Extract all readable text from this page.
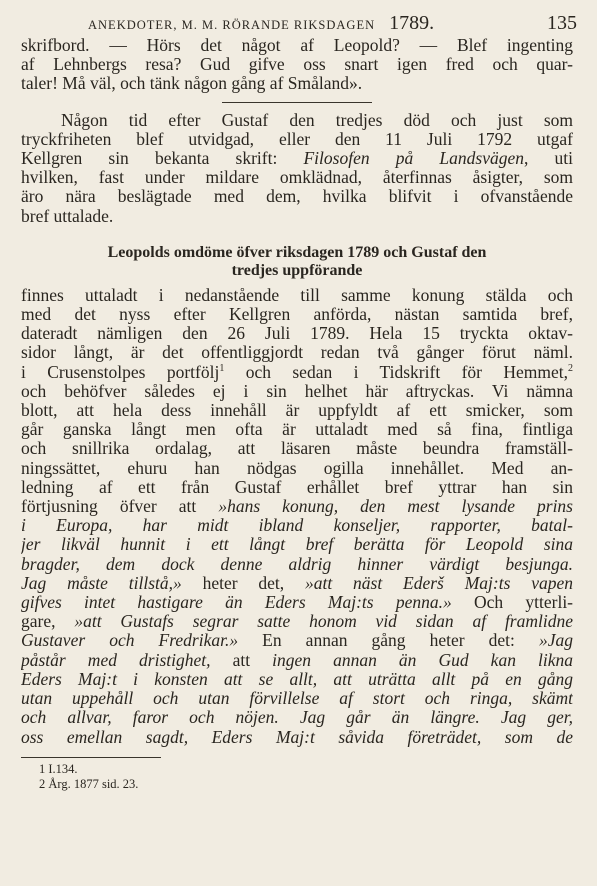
ANEKDOTER, M. M. RÖRANDE RIKSDAGEN 1789.	135
skrifbord. — Hörs det något af Leopold? — Blef ingenting
af Lehnbergs resa? Gud gifve oss snart igen fred och quar-
taler! Må väl, och tänk någon gång af Småland».
Någon tid efter Gustaf den tredjes död och just som
tryckfriheten blef utvidgad, eller den 11 Juli 1792 utgaf
Kellgren sin bekanta skrift: Filosofen på Landsvägen, uti
hvilken, fast under mildare omklädnad, återfinnas åsigter, som
äro nära beslägtade med dem, hvilka blifvit i ofvanstående
bref uttalade.
Leopolds omdöme öfver riksdagen 1789 och Gustaf den
tredjes uppförande
finnes uttaladt i nedanstående till samme konung stälda och
med det nyss efter Kellgren anförda, nästan samtida bref,
dateradt nämligen den 26 Juli 1789. Hela 15 tryckta oktav-
sidor långt, är det offentliggjordt redan två gånger förut näml.
i Crusenstolpes portfölj$^1$ och sedan i Tidskrift för Hemmet,$^2$
och behöfver således ej i sin helhet här aftryckas. Vi nämna
blott, att hela dess innehåll är uppfyldt af ett smicker, som
går ganska långt men ofta är uttaladt med så fina, fintliga
och snillrika ordalag, att läsaren måste beundra framställ-
ningssättet, ehuru han nödgas ogilla innehållet. Med an-
ledning af ett från Gustaf erhållet bref yttrar han sin
förtjusning öfver att »hans konung, den mest lysande prins
i Europa, har midt ibland konseljer, rapporter, batal-
jer likväl hunnit i ett långt bref berätta för Leopold sina
bragder, dem dock denne aldrig hinner värdigt besjunga.
Jag måste tillstå,» heter det, »att näst Ederš Maj:ts vapen
gifves intet hastigare än Eders Maj:ts penna.» Och ytterli-
gare, »att Gustafs segrar satte honom vid sidan af framlidne
Gustaver och Fredrikar.» En annan gång heter det: »Jag
påstår med dristighet, att ingen annan än Gud kan likna
Eders Maj:t i konsten att se allt, att uträtta allt på en gång
utan uppehåll och utan förvillelse af stort och ringa, skämt
och allvar, faror och nöjen. Jag går än längre. Jag ger,
oss emellan sagdt, Eders Maj:t såvida företrädet, som de
1 I.134.
2 Årg. 1877 sid. 23.
